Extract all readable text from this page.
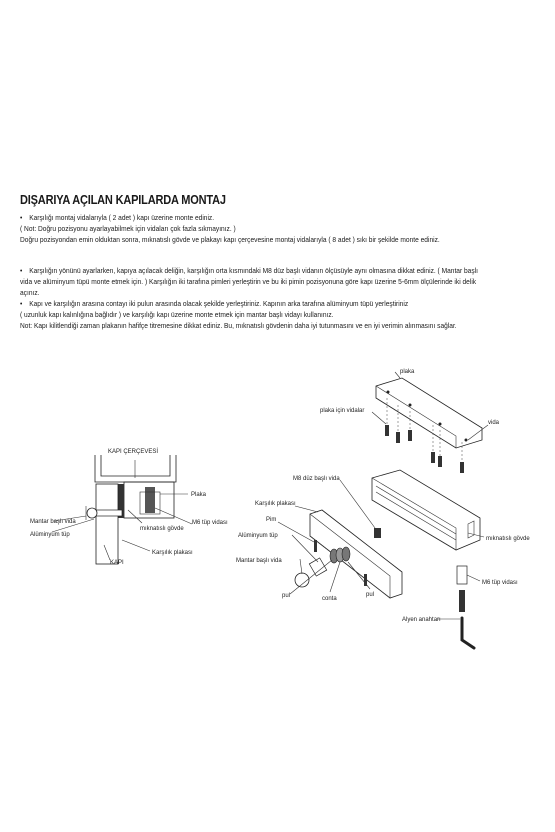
DIŞARIYA AÇILAN KAPILARDA MONTAJ
• Karşılığı montaj vidalarıyla ( 2 adet ) kapı üzerine monte ediniz.
( Not: Doğru pozisyonu ayarlayabilmek için vidaları çok fazla sıkmayınız. )
Doğru pozisyondan emin olduktan sonra, mıknatıslı gövde ve plakayı kapı çerçevesine montaj vidalarıyla ( 8 adet ) sıkı bir şekilde monte ediniz.
• Karşılığın yönünü ayarlarken, kapıya açılacak deliğin, karşılığın orta kısmındaki M8 düz başlı vidanın ölçüsüyle aynı olmasına dikkat ediniz. ( Mantar başlı
vida ve alüminyum tüpü monte etmek için. ) Karşılığın iki tarafına pimleri yerleştirin ve bu iki pimin pozisyonuna göre kapı üzerine 5-6mm ölçülerinde iki delik
açınız.
• Kapı ve karşılığın arasına contayı iki pulun arasında olacak şekilde yerleştiriniz. Kapının arka tarafına alüminyum tüpü yerleştiriniz
( uzunluk kapı kalınlığına bağlıdır ) ve karşılığı kapı üzerine monte etmek için mantar başlı vidayı kullanınız.
Not: Kapı kilitlendiği zaman plakanın hafifçe titremesine dikkat ediniz. Bu, mıknatıslı gövdenin daha iyi tutunmasını ve en iyi verimin alınmasını sağlar.
KAPI ÇERÇEVESİ
Plaka
Mantar başlı vida
Alüminyum tüp
mıknatıslı gövde
M6 tüp vidası
KAPI
Karşılık plakası
plaka
plaka için vidalar
vida
M8 düz başlı vida
Karşılık plakası
Pim
Alüminyum tüp
Mantar başlı vida
pul	conta
pul
mıknatıslı gövde
M6 tüp vidası
Alyen anahtarı
